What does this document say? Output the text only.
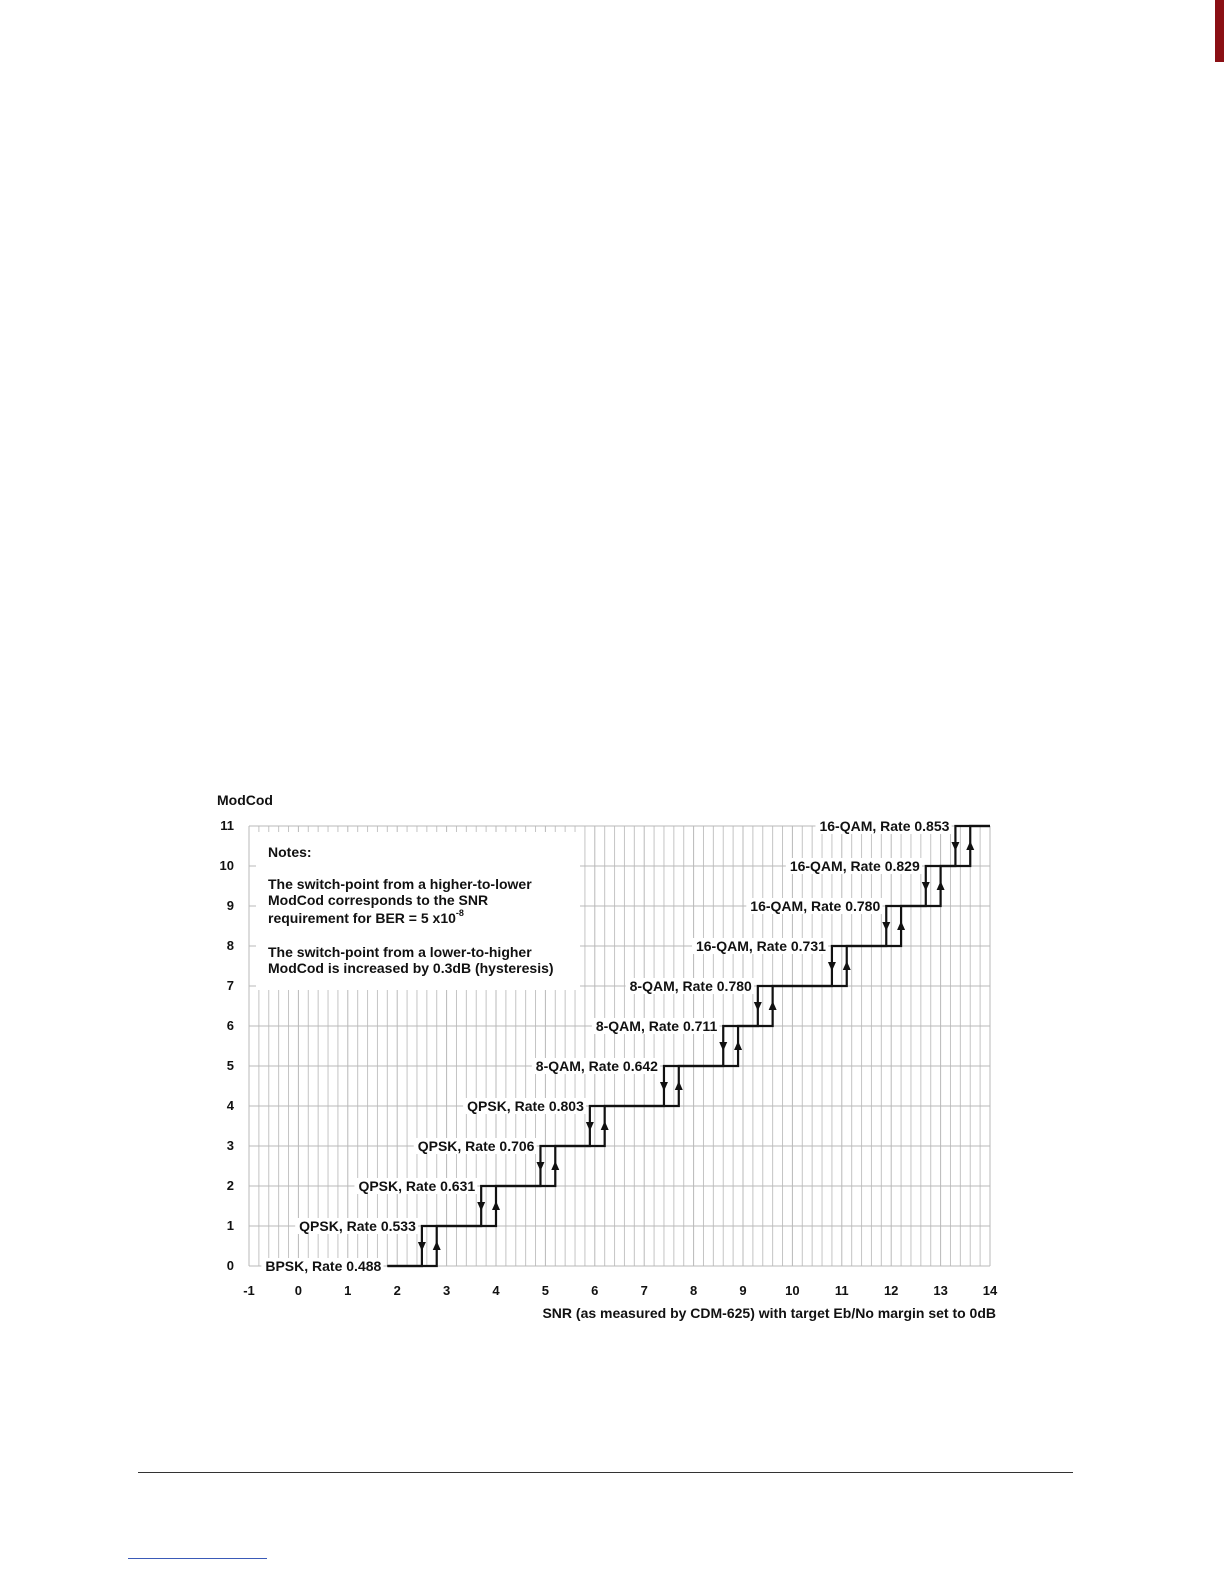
Notes:
The switch-point from a higher-to-lower
ModCod corresponds to the SNR
requirement for BER = 5 $x10^{-8}$
The switch-point from a lower-to-higher
ModCod is increased by 0.3dB (hysteresis)
BPSK, Rate 0.488
QPSK, Rate 0.533
QPSK, Rate 0.631
QPSK, Rate 0.706
QPSK, Rate 0.803
8-QAM, Rate 0.642
8-QAM, Rate 0.711
8-QAM, Rate 0.780
16-QAM, Rate 0.731
16-QAM, Rate 0.780
16-QAM, Rate 0.829
16-QAM, Rate 0.853
-1	0	1	2	3	4	5	6	7	8	9	10	11	12	13	14
0
1
2
3
4
5
6
7
8
9
10
11
ModCod
SNR (as measured by CDM-625) with target Eb/No margin set to 0dB
